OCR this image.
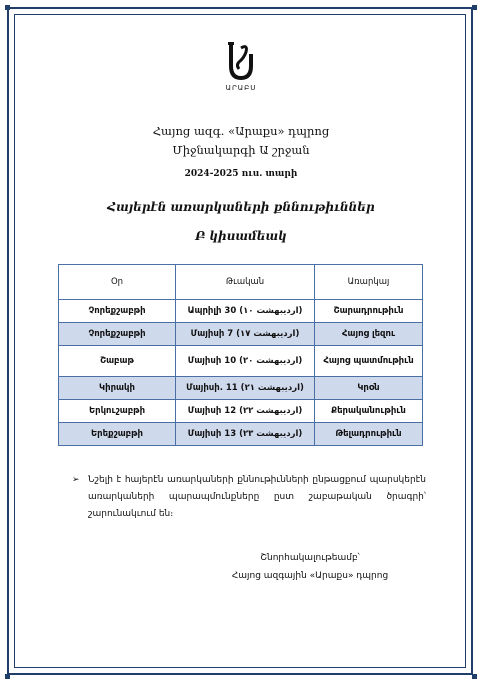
ԱՐԱԲՍ
Հայոց ազգ. «Արաքս» դպրոց
Միջնակարգի Ա շրջան
2024-2025 ուս. տարի
Հայերէն առարկաների քննութիւններ
Բ կիսամեակ
Օր	Թւական	Առարկայ
Չորեքշաբթի	Ապրիլի 30 (۱۰ اردیبهشت)	Շարադրութիւն
Չորեքշաբթի	Մայիսի 7 (۱۷ اردیبهشت)	Հայոց լեզու
Շաբաթ	Մայիսի 10 (۲۰ اردیبهشت)	Հայոց պատմութիւն
Կիրակի	Մայիսի. 11 (۲۱ اردیبهشت)	Կրօն
Երկուշաբթի	Մայիսի 12 (۲۲ اردیبهشت)	Քերականութիւն
Երեքշաբթի	Մայիսի 13 (۲۳ اردیبهشت)	Թելադրութիւն
➢ Նշելի է հայերէն առարկաների քննութիւնների ընթացքում պարսկերէն առարկաների պարապմունքները ըստ շաբաթական ծրագրի՝ շարունակւում են։
Շնորհակալութեամբ՝
Հայոց ազգային «Արաքս» դպրոց
